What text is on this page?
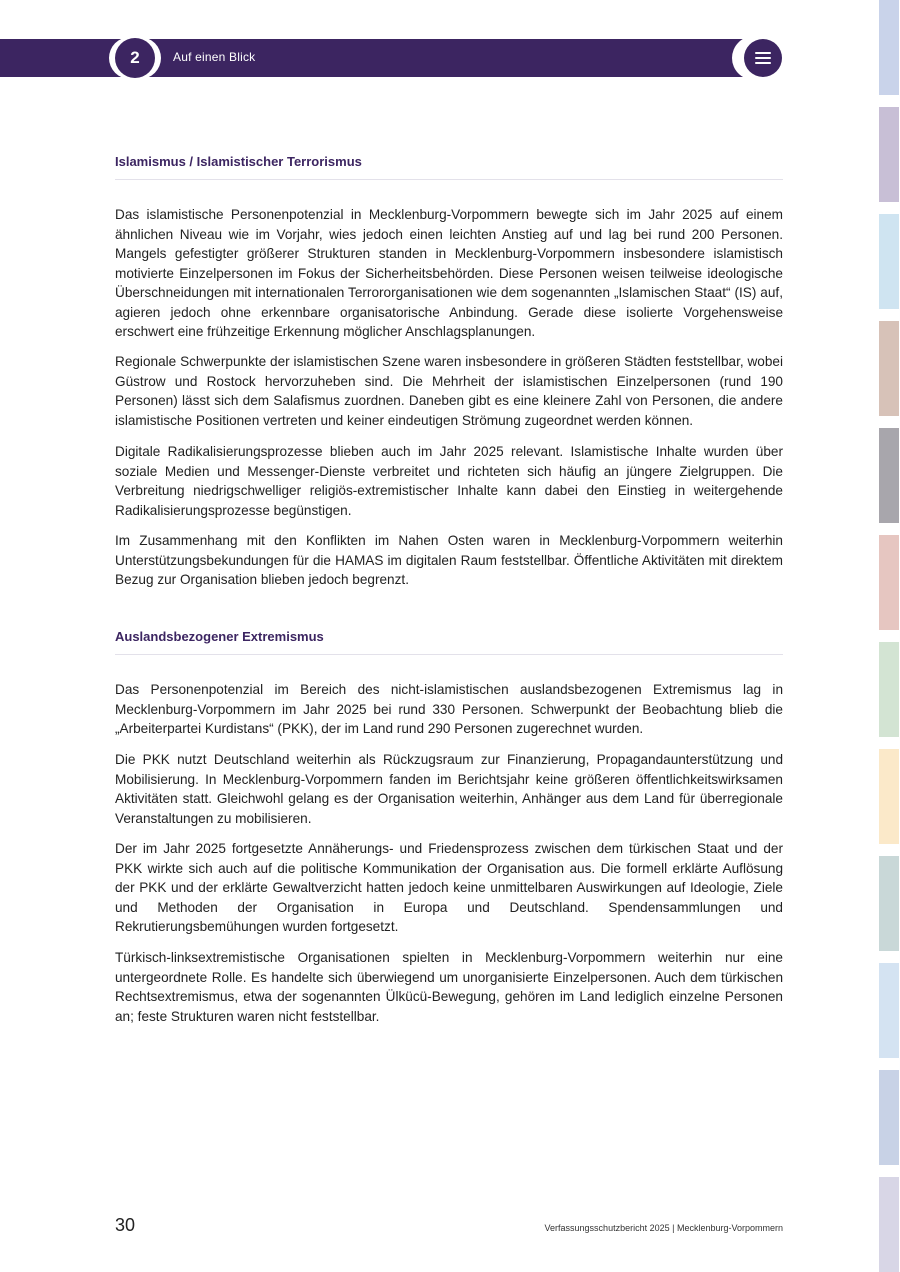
2	Auf einen Blick
Islamismus / Islamistischer Terrorismus

Das islamistische Personenpotenzial in Mecklenburg-Vorpommern bewegte sich im Jahr 2025 auf einem ähnlichen Niveau wie im Vorjahr, wies jedoch einen leichten Anstieg auf und lag bei rund 200 Personen. Mangels gefestigter größerer Strukturen standen in Mecklenburg-Vorpommern insbesondere islamistisch motivierte Einzelpersonen im Fokus der Sicherheitsbehörden. Diese Personen weisen teilweise ideologische Überschneidungen mit internationalen Terrororganisationen wie dem sogenannten „Islamischen Staat“ (IS) auf, agieren jedoch ohne erkennbare organisatorische Anbindung. Gerade diese isolierte Vorgehensweise erschwert eine frühzeitige Erkennung möglicher Anschlagsplanungen.

Regionale Schwerpunkte der islamistischen Szene waren insbesondere in größeren Städten feststellbar, wobei Güstrow und Rostock hervorzuheben sind. Die Mehrheit der islamistischen Einzelpersonen (rund 190 Personen) lässt sich dem Salafismus zuordnen. Daneben gibt es eine kleinere Zahl von Personen, die andere islamistische Positionen vertreten und keiner eindeutigen Strömung zugeordnet werden können.

Digitale Radikalisierungsprozesse blieben auch im Jahr 2025 relevant. Islamistische Inhalte wurden über soziale Medien und Messenger-Dienste verbreitet und richteten sich häufig an jüngere Zielgruppen. Die Verbreitung niedrigschwelliger religiös-extremistischer Inhalte kann dabei den Einstieg in weitergehende Radikalisierungsprozesse begünstigen.

Im Zusammenhang mit den Konflikten im Nahen Osten waren in Mecklenburg-Vorpommern weiterhin Unterstützungsbekundungen für die HAMAS im digitalen Raum feststellbar. Öffentliche Aktivitäten mit direktem Bezug zur Organisation blieben jedoch begrenzt.

Auslandsbezogener Extremismus

Das Personenpotenzial im Bereich des nicht-islamistischen auslandsbezogenen Extremismus lag in Mecklenburg-Vorpommern im Jahr 2025 bei rund 330 Personen. Schwerpunkt der Beobachtung blieb die „Arbeiterpartei Kurdistans“ (PKK), der im Land rund 290 Personen zugerechnet wurden.

Die PKK nutzt Deutschland weiterhin als Rückzugsraum zur Finanzierung, Propagandaunterstützung und Mobilisierung. In Mecklenburg-Vorpommern fanden im Berichtsjahr keine größeren öffentlichkeitswirksamen Aktivitäten statt. Gleichwohl gelang es der Organisation weiterhin, Anhänger aus dem Land für überregionale Veranstaltungen zu mobilisieren.

Der im Jahr 2025 fortgesetzte Annäherungs- und Friedensprozess zwischen dem türkischen Staat und der PKK wirkte sich auch auf die politische Kommunikation der Organisation aus. Die formell erklärte Auflösung der PKK und der erklärte Gewaltverzicht hatten jedoch keine unmittelbaren Auswirkungen auf Ideologie, Ziele und Methoden der Organisation in Europa und Deutschland. Spendensammlungen und Rekrutierungsbemühungen wurden fortgesetzt.

Türkisch-linksextremistische Organisationen spielten in Mecklenburg-Vorpommern weiterhin nur eine untergeordnete Rolle. Es handelte sich überwiegend um unorganisierte Einzelpersonen. Auch dem türkischen Rechtsextremismus, etwa der sogenannten Ülkücü-Bewegung, gehören im Land lediglich einzelne Personen an; feste Strukturen waren nicht feststellbar.

30	Verfassungsschutzbericht 2025 | Mecklenburg-Vorpommern
